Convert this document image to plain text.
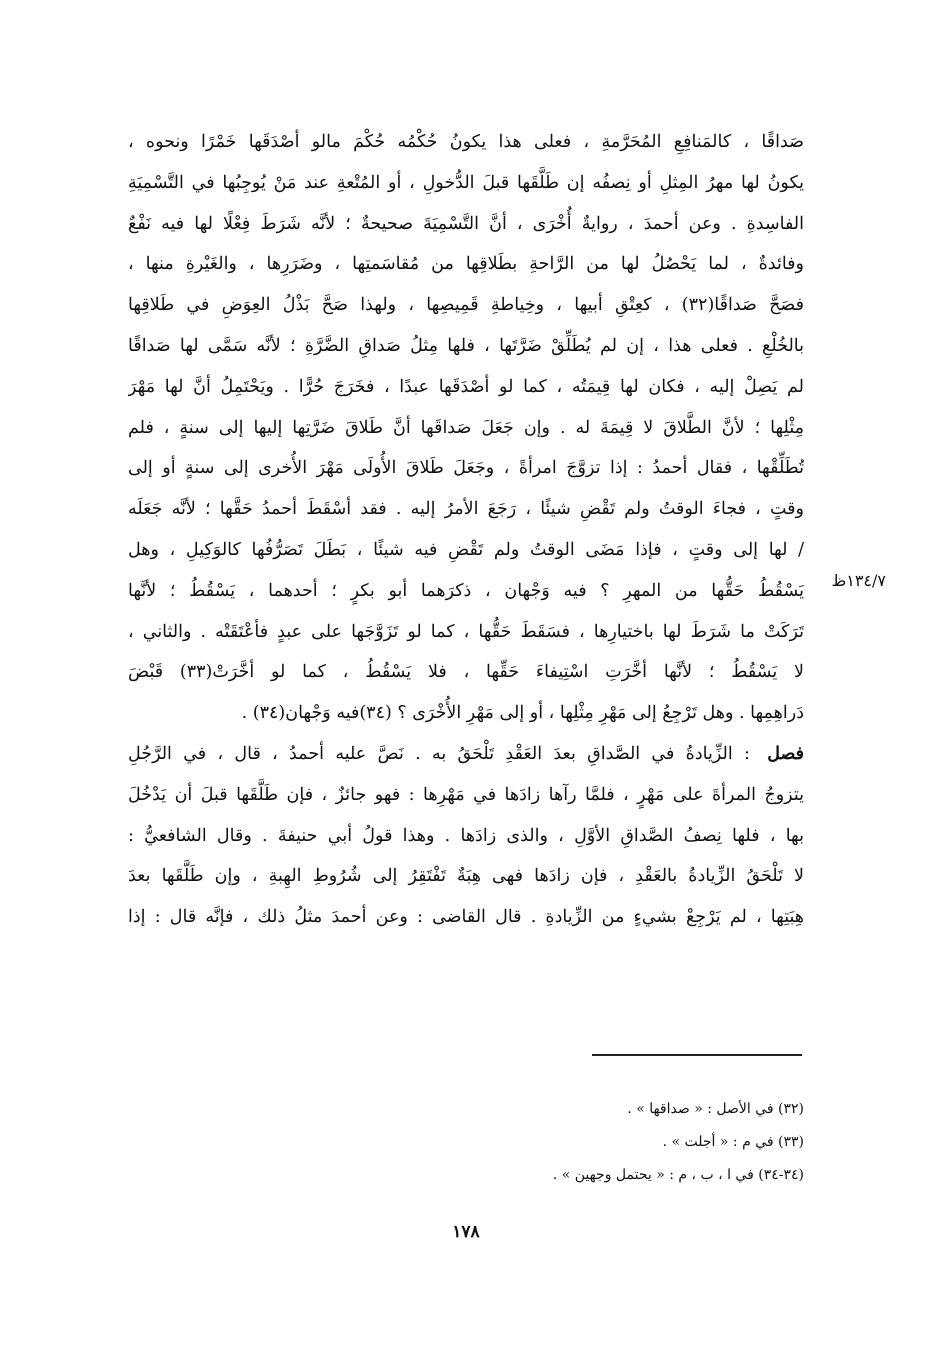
صَداقًا ، كالمَنافِعِ المُحَرَّمةِ ، فعلى هذا يكونُ حُكْمُه حُكْمَ مالو أصْدَقَها خَمْرًا ونحوه ،
يكونُ لها مهرُ المِثلِ أو نِصفُه إن طَلَّقَها قبلَ الدُّخولِ ، أو المُتْعةِ عند مَنْ يُوجِبُها في التَّسْمِيَةِ
الفاسِدةِ . وعن أحمدَ ، روايةٌ أُخْرَى ، أنَّ التَّسْمِيَةَ صحيحةٌ ؛ لأنَّه شَرَطَ فِعْلًا لها فيه نَفْعٌ
وفائدةٌ ، لما يَحْصُلُ لها من الرَّاحةِ بطَلاقِها من مُقاسَمتِها ، وضَرَرِها ، والغَيْرةِ منها ،
فصَحَّ صَداقًا(٣٢) ، كعِتْقِ أبيها ، وخِياطةِ قَمِيصِها ، ولهذا صَحَّ بَذْلُ العِوَضِ في طَلاقِها
بالخُلْعِ . فعلى هذا ، إن لم يُطَلِّقْ ضَرَّتَها ، فلها مِثلُ صَداقِ الضَّرَّةِ ؛ لأنَّه سَمَّى لها صَداقًا
لم يَصِلْ إليه ، فكان لها قِيمَتُه ، كما لو أصْدَقَها عبدًا ، فخَرَجَ حُرًّا . ويَحْتَمِلُ أنَّ لها مَهْرَ
مِثْلِها ؛ لأنَّ الطَّلاقَ لا قِيمَةَ له . وإن جَعَلَ صَداقَها أنَّ طَلاقَ ضَرَّتِها إليها إلى سنةٍ ، فلم
تُطَلِّقْها ، فقال أحمدُ : إذا تزوَّجَ امرأةً ، وجَعَلَ طَلاقَ الأُولَى مَهْرَ الأُخرى إلى سنةٍ أو إلى
وقتٍ ، فجاءَ الوقتُ ولم تَقْضِ شيئًا ، رَجَعَ الأمرُ إليه . فقد أسْقَطَ أحمدُ حَقَّها ؛ لأنَّه جَعَلَه
/ لها إلى وقتٍ ، فإذا مَضَى الوقتُ ولم تَقْضِ فيه شيئًا ، بَطَلَ تَصَرُّفُها كالوَكِيلِ ، وهل
يَسْقُطُ حَقُّها من المهرِ ؟ فيه وَجْهان ، ذكرَهما أبو بكرٍ ؛ أحدهما ، يَسْقُطُ ؛ لأنَّها
تَرَكَتْ ما شَرَطَ لها باختيارِها ، فسَقَطَ حَقُّها ، كما لو تَزَوَّجَها على عبدٍ فأعْتَقَتْه . والثاني ،
لا يَسْقُطُ ؛ لأنَّها أخَّرَتِ اسْتِيفاءَ حَقِّها ، فلا يَسْقُطُ ، كما لو أخَّرَتْ(٣٣) قَبْضَ
دَراهِمِها . وهل تَرْجِعُ إلى مَهْرِ مِثْلِها ، أو إلى مَهْرِ الأُخْرَى ؟ (٣٤)فيه وَجْهان(٣٤) .
فصل : الزِّيادةُ في الصَّداقِ بعدَ العَقْدِ تَلْحَقُ به . نَصَّ عليه أحمدُ ، قال ، في الرَّجُلِ
يتزوجُ المرأةَ على مَهْرٍ ، فلمَّا رآها زادَها في مَهْرِها : فهو جائزٌ ، فإن طَلَّقَها قبلَ أن يَدْخُلَ
بها ، فلها نِصفُ الصَّداقِ الأوَّلِ ، والذى زادَها . وهذا قولُ أبي حنيفةَ . وقال الشافعيُّ :
لا تَلْحَقُ الزِّيادةُ بالعَقْدِ ، فإن زادَها فهى هِبَةٌ تَفْتَقِرُ إلى شُرُوطِ الهِبةِ ، وإن طَلَّقَها بعدَ
هِبَتِها ، لم يَرْجِعْ بشيءٍ من الزِّيادةِ . قال القاضى : وعن أحمدَ مثلُ ذلك ، فإنَّه قال : إذا
١٣٤/٧ظ
(٣٢) في الأصل : « صداقها » .
(٣٣) في م : « أجلت » .
(٣٤-٣٤) في ا ، ب ، م : « يحتمل وجهين » .
١٧٨
